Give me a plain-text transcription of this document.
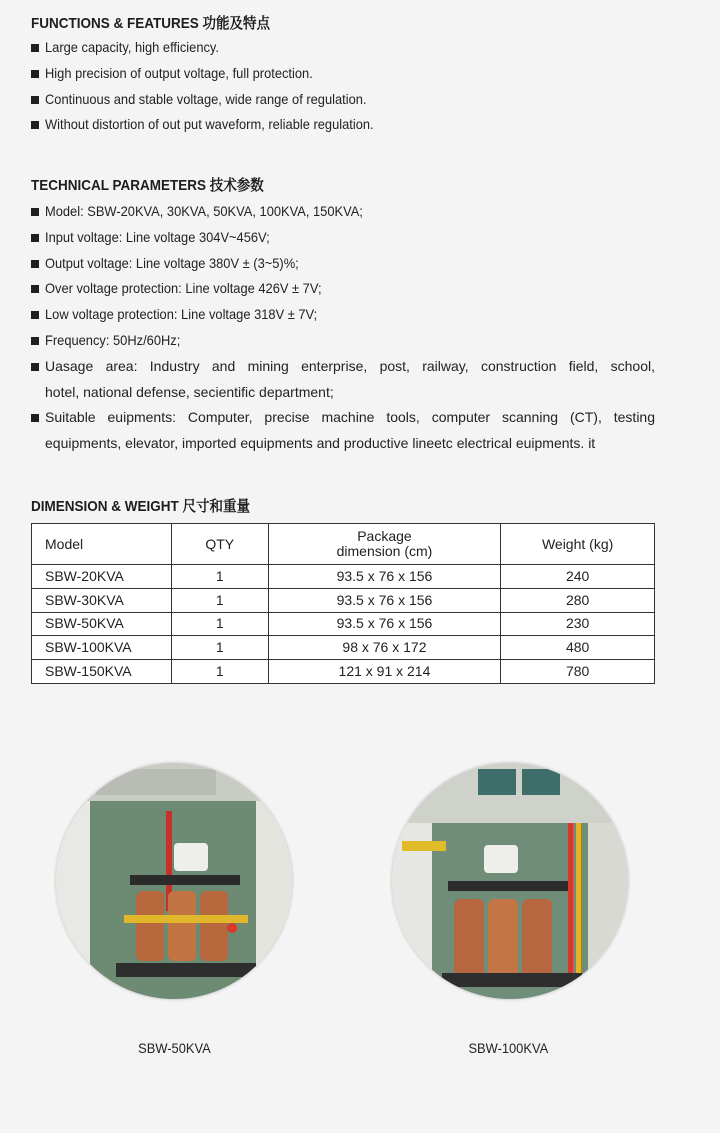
FUNCTIONS & FEATURES 功能及特点
Large capacity, high efficiency.
High precision of output voltage, full protection.
Continuous and stable voltage, wide range of regulation.
Without distortion of out put waveform, reliable regulation.
TECHNICAL PARAMETERS 技术参数
Model: SBW-20KVA, 30KVA, 50KVA, 100KVA, 150KVA;
Input voltage: Line voltage 304V~456V;
Output voltage: Line voltage 380V ± (3~5)%;
Over voltage protection: Line voltage 426V ± 7V;
Low voltage protection: Line voltage 318V ± 7V;
Frequency: 50Hz/60Hz;
Uasage area: Industry and mining enterprise, post, railway, construction field, school,
hotel, national defense, secientific department;
Suitable euipments: Computer, precise machine tools, computer scanning (CT), testing
equipments, elevator, imported equipments and productive lineetc electrical euipments. it
DIMENSION & WEIGHT 尺寸和重量
Model	QTY	Package
dimension (cm)	Weight (kg)
SBW-20KVA	1	93.5 x 76 x 156	240
SBW-30KVA	1	93.5 x 76 x 156	280
SBW-50KVA	1	93.5 x 76 x 156	230
SBW-100KVA	1	98 x 76 x 172	480
SBW-150KVA	1	121 x 91 x 214	780
SBW-50KVA	SBW-100KVA
